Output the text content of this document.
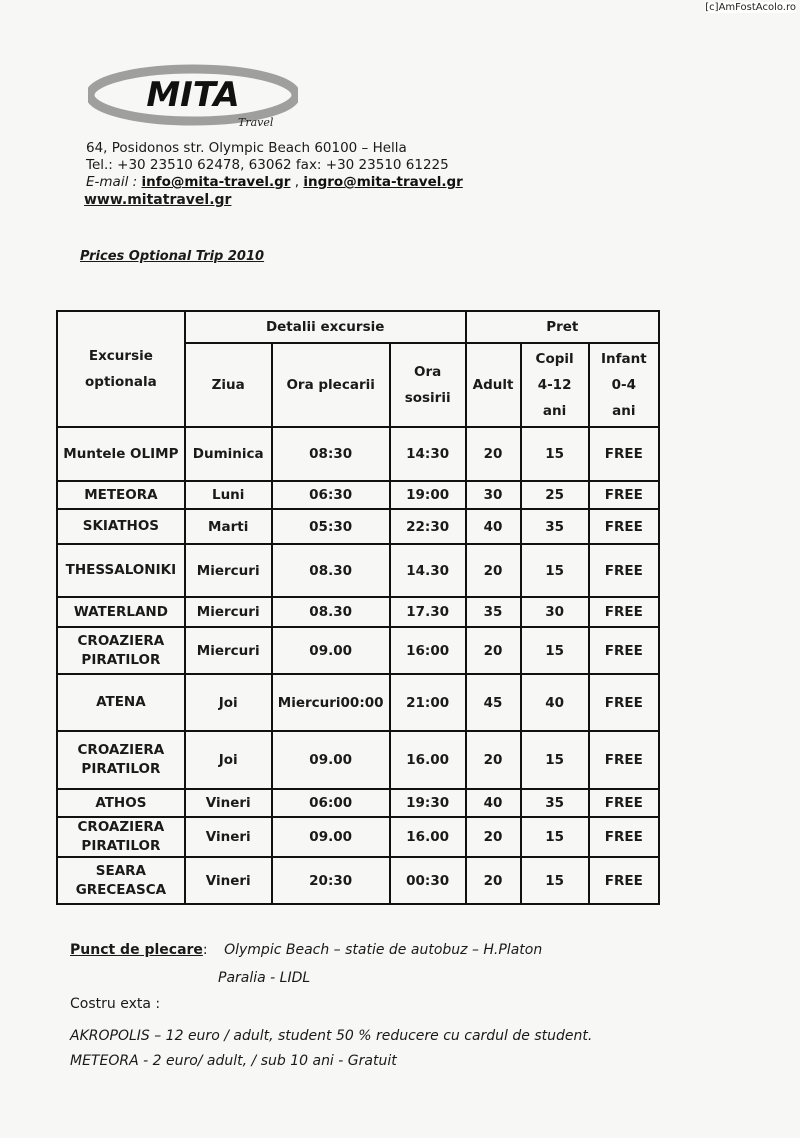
[c]AmFostAcolo.ro
MITA
Travel
64, Posidonos str. Olympic Beach 60100 – Hella
Tel.: +30 23510 62478, 63062 fax: +30 23510 61225
E-mail : info@mita-travel.gr , ingro@mita-travel.gr
www.mitatravel.gr
Prices Optional Trip 2010
Excursie optionala	Detalii excursie			Pret		
	Ziua	Ora plecarii	Ora sosirii	Adult	Copil 4-12 ani	Infant 0-4 ani
Muntele OLIMP	Duminica	08:30	14:30	20	15	FREE
METEORA	Luni	06:30	19:00	30	25	FREE
SKIATHOS	Marti	05:30	22:30	40	35	FREE
THESSALONIKI	Miercuri	08.30	14.30	20	15	FREE
WATERLAND	Miercuri	08.30	17.30	35	30	FREE
CROAZIERA PIRATILOR	Miercuri	09.00	16:00	20	15	FREE
ATENA	Joi	Miercuri00:00	21:00	45	40	FREE
CROAZIERA PIRATILOR	Joi	09.00	16.00	20	15	FREE
ATHOS	Vineri	06:00	19:30	40	35	FREE
CROAZIERA PIRATILOR	Vineri	09.00	16.00	20	15	FREE
SEARA GRECEASCA	Vineri	20:30	00:30	20	15	FREE
Punct de plecare: Olympic Beach – statie de autobuz – H.Platon
Paralia - LIDL
Costru exta :
AKROPOLIS – 12 euro / adult, student 50 % reducere cu cardul de student.
METEORA - 2 euro/ adult, / sub 10 ani - Gratuit
